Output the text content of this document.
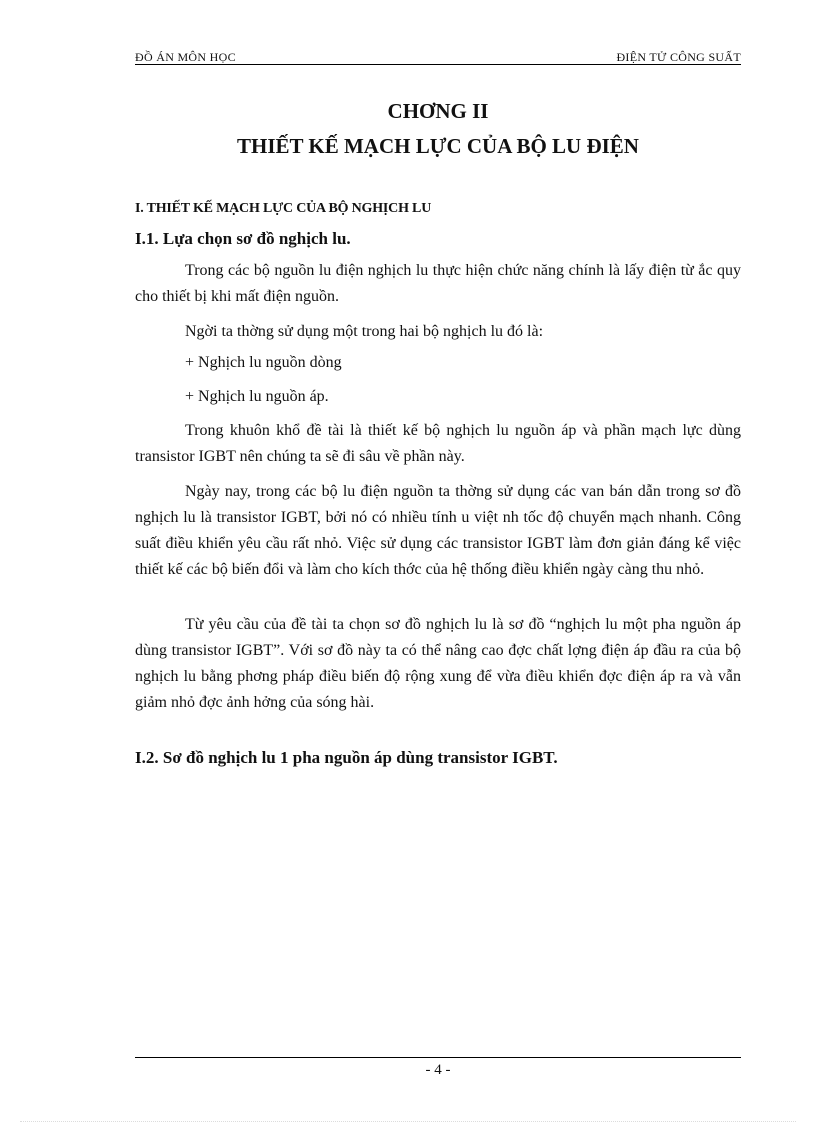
ĐỒ ÁN MÔN HỌC	ĐIỆN TỬ CÔNG SUẤT
CHƠNG II
THIẾT KẾ MẠCH LỰC CỦA BỘ LU ĐIỆN
I. THIẾT KẾ MẠCH LỰC CỦA BỘ NGHỊCH LU
I.1. Lựa chọn sơ đồ nghịch lu.
Trong các bộ nguồn lu điện nghịch lu thực hiện chức năng chính là lấy điện từ ắc quy cho thiết bị khi mất điện nguồn.
Ngời ta thờng sử dụng một trong hai bộ nghịch lu đó là:
+ Nghịch lu nguồn dòng
+ Nghịch lu nguồn áp.
Trong khuôn khổ đề tài là thiết kế bộ nghịch lu nguồn áp và phần mạch lực dùng transistor IGBT nên chúng ta sẽ đi sâu về phần này.
Ngày nay, trong các bộ lu điện nguồn ta thờng sử dụng các van bán dẫn trong sơ đồ nghịch lu là transistor IGBT, bởi nó có nhiều tính u việt nh tốc độ chuyển mạch nhanh. Công suất điều khiển yêu cầu rất nhỏ. Việc sử dụng các transistor IGBT làm đơn giản đáng kể việc thiết kế các bộ biến đổi và làm cho kích thớc của hệ thống điều khiển ngày càng thu nhỏ.
Từ yêu cầu của đề tài ta chọn sơ đồ nghịch lu là sơ đồ “nghịch lu một pha nguồn áp dùng transistor IGBT”. Với sơ đồ này ta có thể nâng cao đợc chất lợng điện áp đầu ra của bộ nghịch lu bằng phơng pháp điều biến độ rộng xung để vừa điều khiển đợc điện áp ra và vẫn giảm nhỏ đợc ảnh hởng của sóng hài.
I.2. Sơ đồ nghịch lu 1 pha nguồn áp dùng transistor IGBT.
- 4 -
